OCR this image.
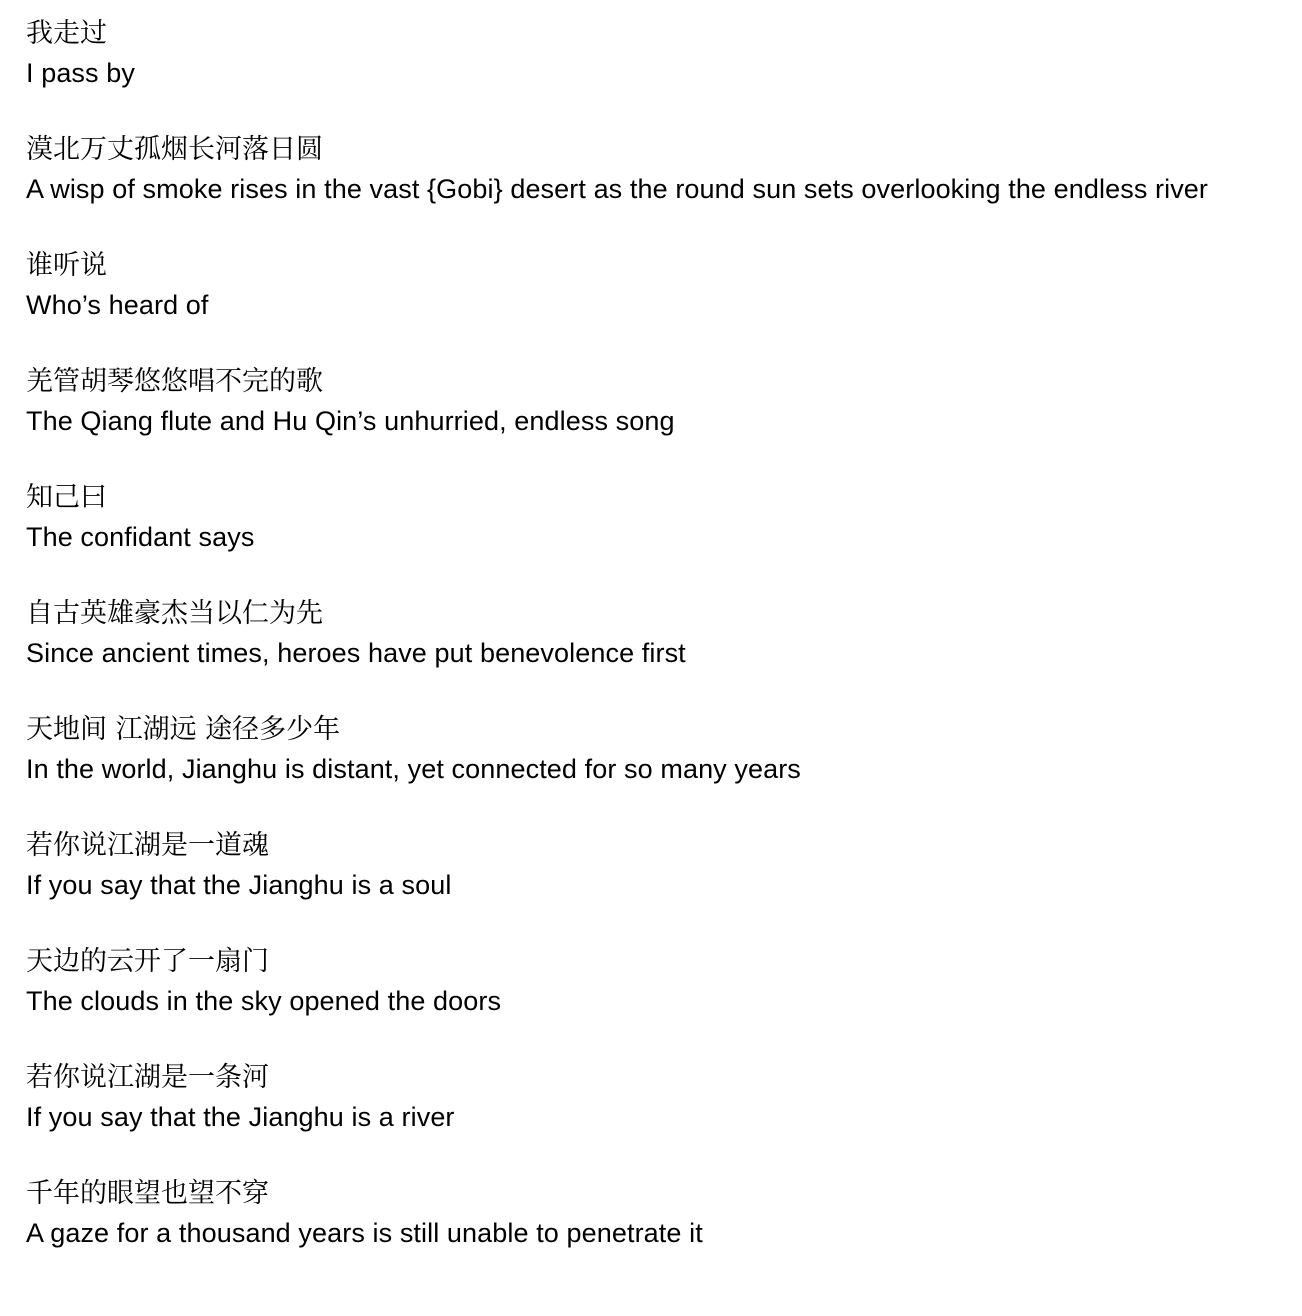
我走过
I pass by
漠北万丈孤烟长河落日圆
A wisp of smoke rises in the vast {Gobi} desert as the round sun sets overlooking the endless river
谁听说
Who’s heard of
羌管胡琴悠悠唱不完的歌
The Qiang flute and Hu Qin’s unhurried, endless song
知己曰
The confidant says
自古英雄豪杰当以仁为先
Since ancient times, heroes have put benevolence first
天地间 江湖远 途径多少年
In the world, Jianghu is distant, yet connected for so many years
若你说江湖是一道魂
If you say that the Jianghu is a soul
天边的云开了一扇门
The clouds in the sky opened the doors
若你说江湖是一条河
If you say that the Jianghu is a river
千年的眼望也望不穿
A gaze for a thousand years is still unable to penetrate it
